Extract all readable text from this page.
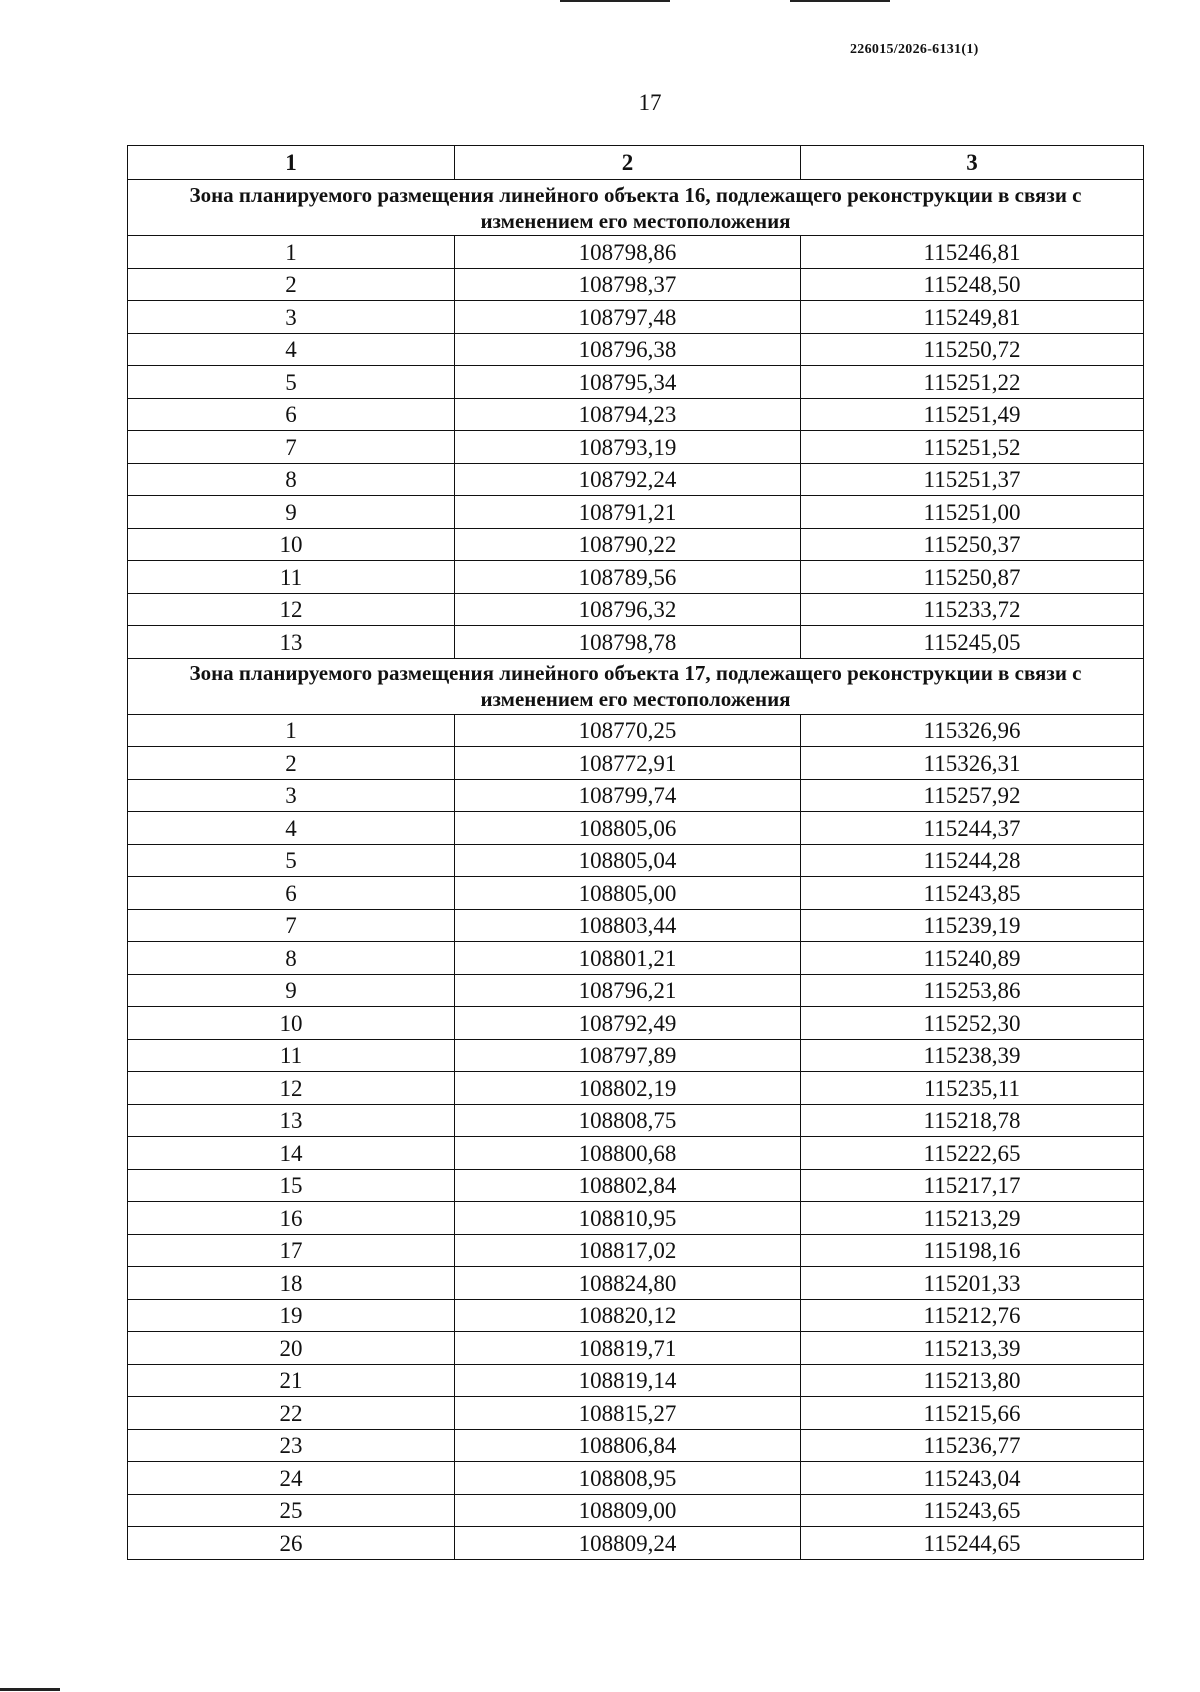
226015/2026-6131(1)
17
1	2	3
Зона планируемого размещения линейного объекта 16, подлежащего реконструкции в связи с изменением его местоположения		
1	108798,86	115246,81
2	108798,37	115248,50
3	108797,48	115249,81
4	108796,38	115250,72
5	108795,34	115251,22
6	108794,23	115251,49
7	108793,19	115251,52
8	108792,24	115251,37
9	108791,21	115251,00
10	108790,22	115250,37
11	108789,56	115250,87
12	108796,32	115233,72
13	108798,78	115245,05
Зона планируемого размещения линейного объекта 17, подлежащего реконструкции в связи с изменением его местоположения		
1	108770,25	115326,96
2	108772,91	115326,31
3	108799,74	115257,92
4	108805,06	115244,37
5	108805,04	115244,28
6	108805,00	115243,85
7	108803,44	115239,19
8	108801,21	115240,89
9	108796,21	115253,86
10	108792,49	115252,30
11	108797,89	115238,39
12	108802,19	115235,11
13	108808,75	115218,78
14	108800,68	115222,65
15	108802,84	115217,17
16	108810,95	115213,29
17	108817,02	115198,16
18	108824,80	115201,33
19	108820,12	115212,76
20	108819,71	115213,39
21	108819,14	115213,80
22	108815,27	115215,66
23	108806,84	115236,77
24	108808,95	115243,04
25	108809,00	115243,65
26	108809,24	115244,65
